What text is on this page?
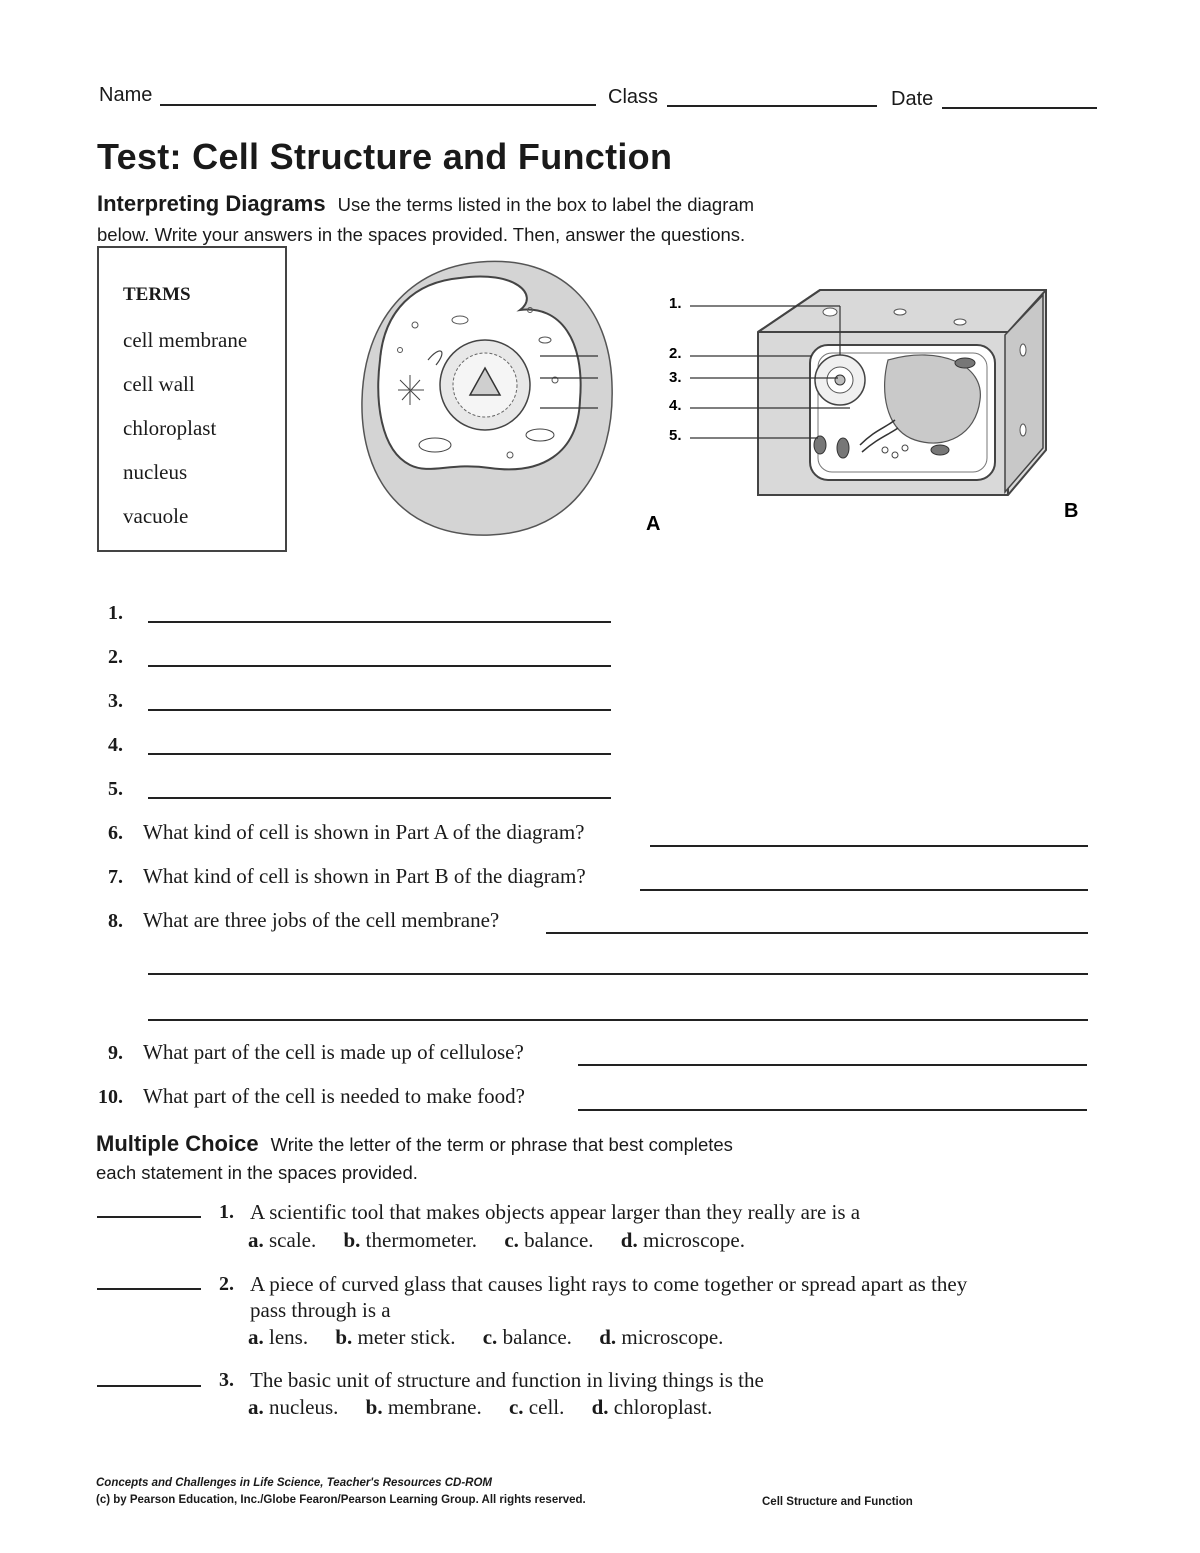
Name	Class	Date
Test: Cell Structure and Function
Interpreting Diagrams Use the terms listed in the box to label the diagram
below. Write your answers in the spaces provided. Then, answer the questions.
TERMS
cell membrane
cell wall
chloroplast
nucleus
vacuole
1.
2.
3.
4.
5.
A
B
1.
2.
3.
4.
5.
6. What kind of cell is shown in Part A of the diagram?
7. What kind of cell is shown in Part B of the diagram?
8. What are three jobs of the cell membrane?
9. What part of the cell is made up of cellulose?
10. What part of the cell is needed to make food?
Multiple Choice Write the letter of the term or phrase that best completes
each statement in the spaces provided.
1. A scientific tool that makes objects appear larger than they really are is a
a. scale. b. thermometer. c. balance. d. microscope.
2. A piece of curved glass that causes light rays to come together or spread apart as they
pass through is a
a. lens. b. meter stick. c. balance. d. microscope.
3. The basic unit of structure and function in living things is the
a. nucleus. b. membrane. c. cell. d. chloroplast.
Concepts and Challenges in Life Science, Teacher's Resources CD-ROM
(c) by Pearson Education, Inc./Globe Fearon/Pearson Learning Group. All rights reserved.	Cell Structure and Function
